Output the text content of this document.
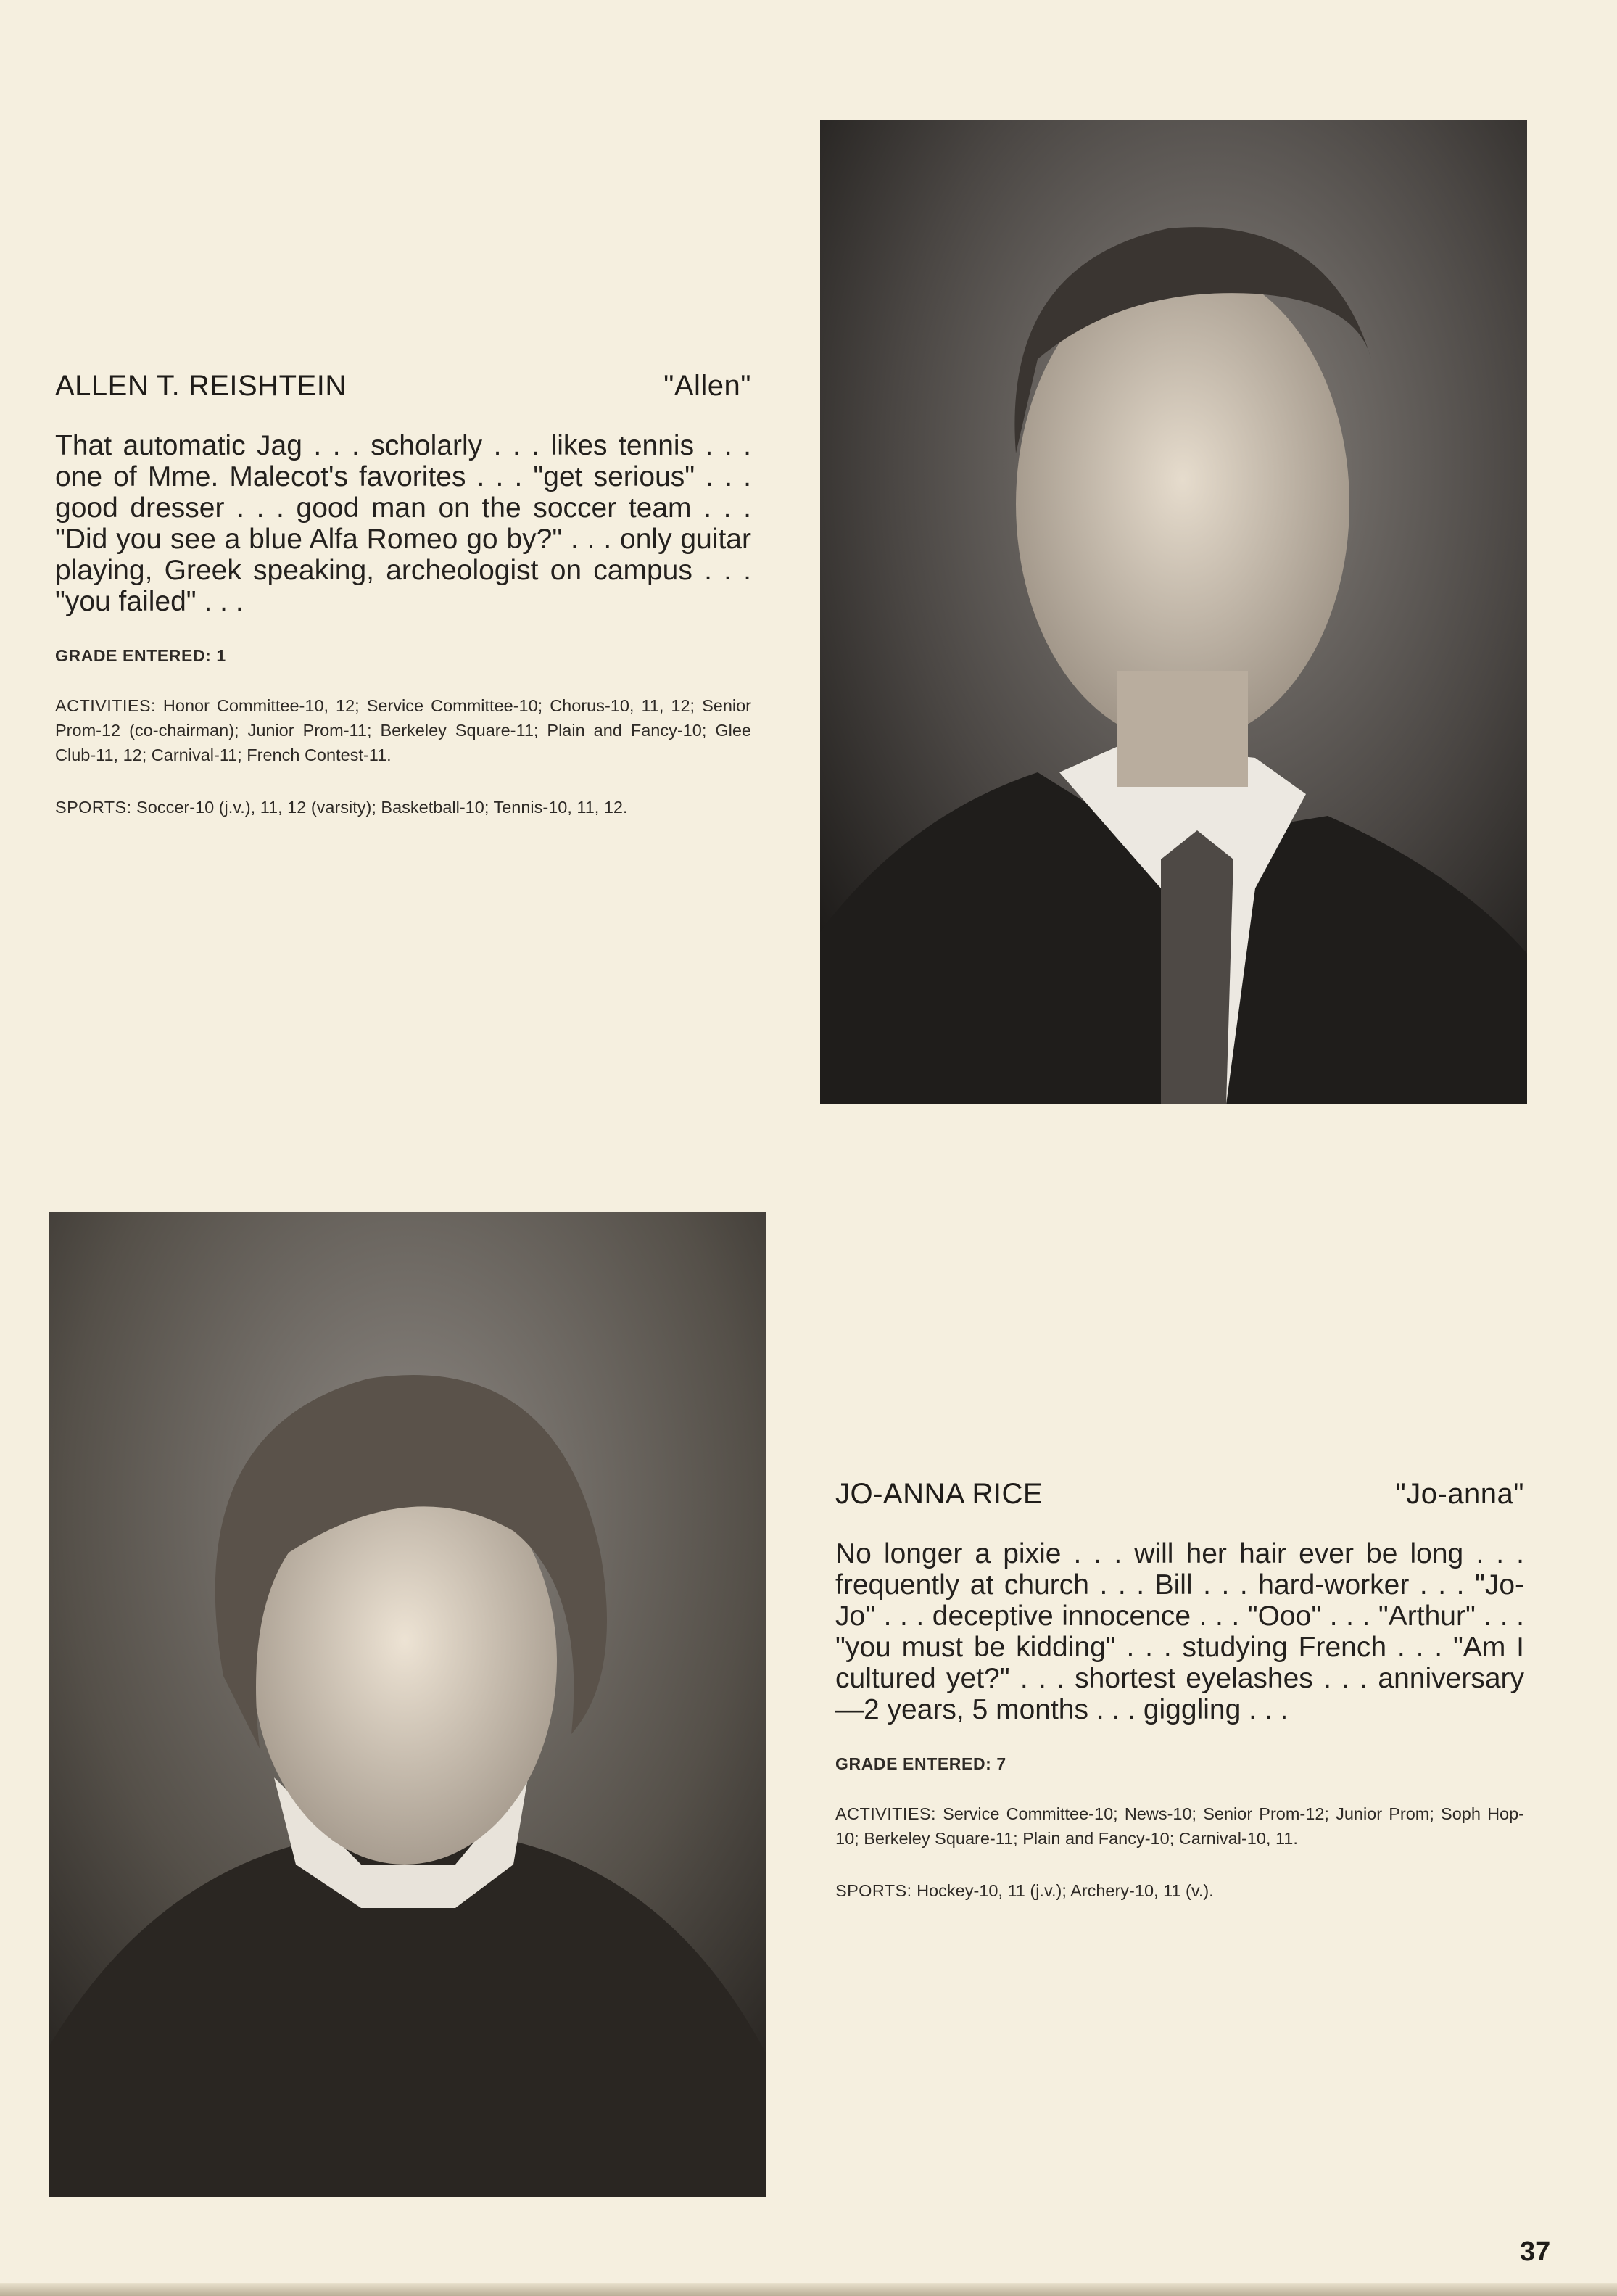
ALLEN T. REISHTEIN	"Allen"
That automatic Jag . . . scholarly . . . likes tennis . . . one of Mme. Malecot's favorites . . . "get serious" . . . good dresser . . . good man on the soccer team . . . "Did you see a blue Alfa Romeo go by?" . . . only guitar playing, Greek speaking, archeologist on campus . . . "you failed" . . .
GRADE ENTERED: 1
ACTIVITIES: Honor Committee-10, 12; Service Committee-10; Chorus-10, 11, 12; Senior Prom-12 (co-chairman); Junior Prom-11; Berkeley Square-11; Plain and Fancy-10; Glee Club-11, 12; Carnival-11; French Contest-11.
SPORTS: Soccer-10 (j.v.), 11, 12 (varsity); Basketball-10; Tennis-10, 11, 12.
JO-ANNA RICE	"Jo-anna"
No longer a pixie . . . will her hair ever be long . . . frequently at church . . . Bill . . . hard-worker . . . "Jo-Jo" . . . deceptive innocence . . . "Ooo" . . . "Arthur" . . . "you must be kidding" . . . studying French . . . "Am I cultured yet?" . . . shortest eyelashes . . . anniversary—2 years, 5 months . . . giggling . . .
GRADE ENTERED: 7
ACTIVITIES: Service Committee-10; News-10; Senior Prom-12; Junior Prom; Soph Hop-10; Berkeley Square-11; Plain and Fancy-10; Carnival-10, 11.
SPORTS: Hockey-10, 11 (j.v.); Archery-10, 11 (v.).
37
